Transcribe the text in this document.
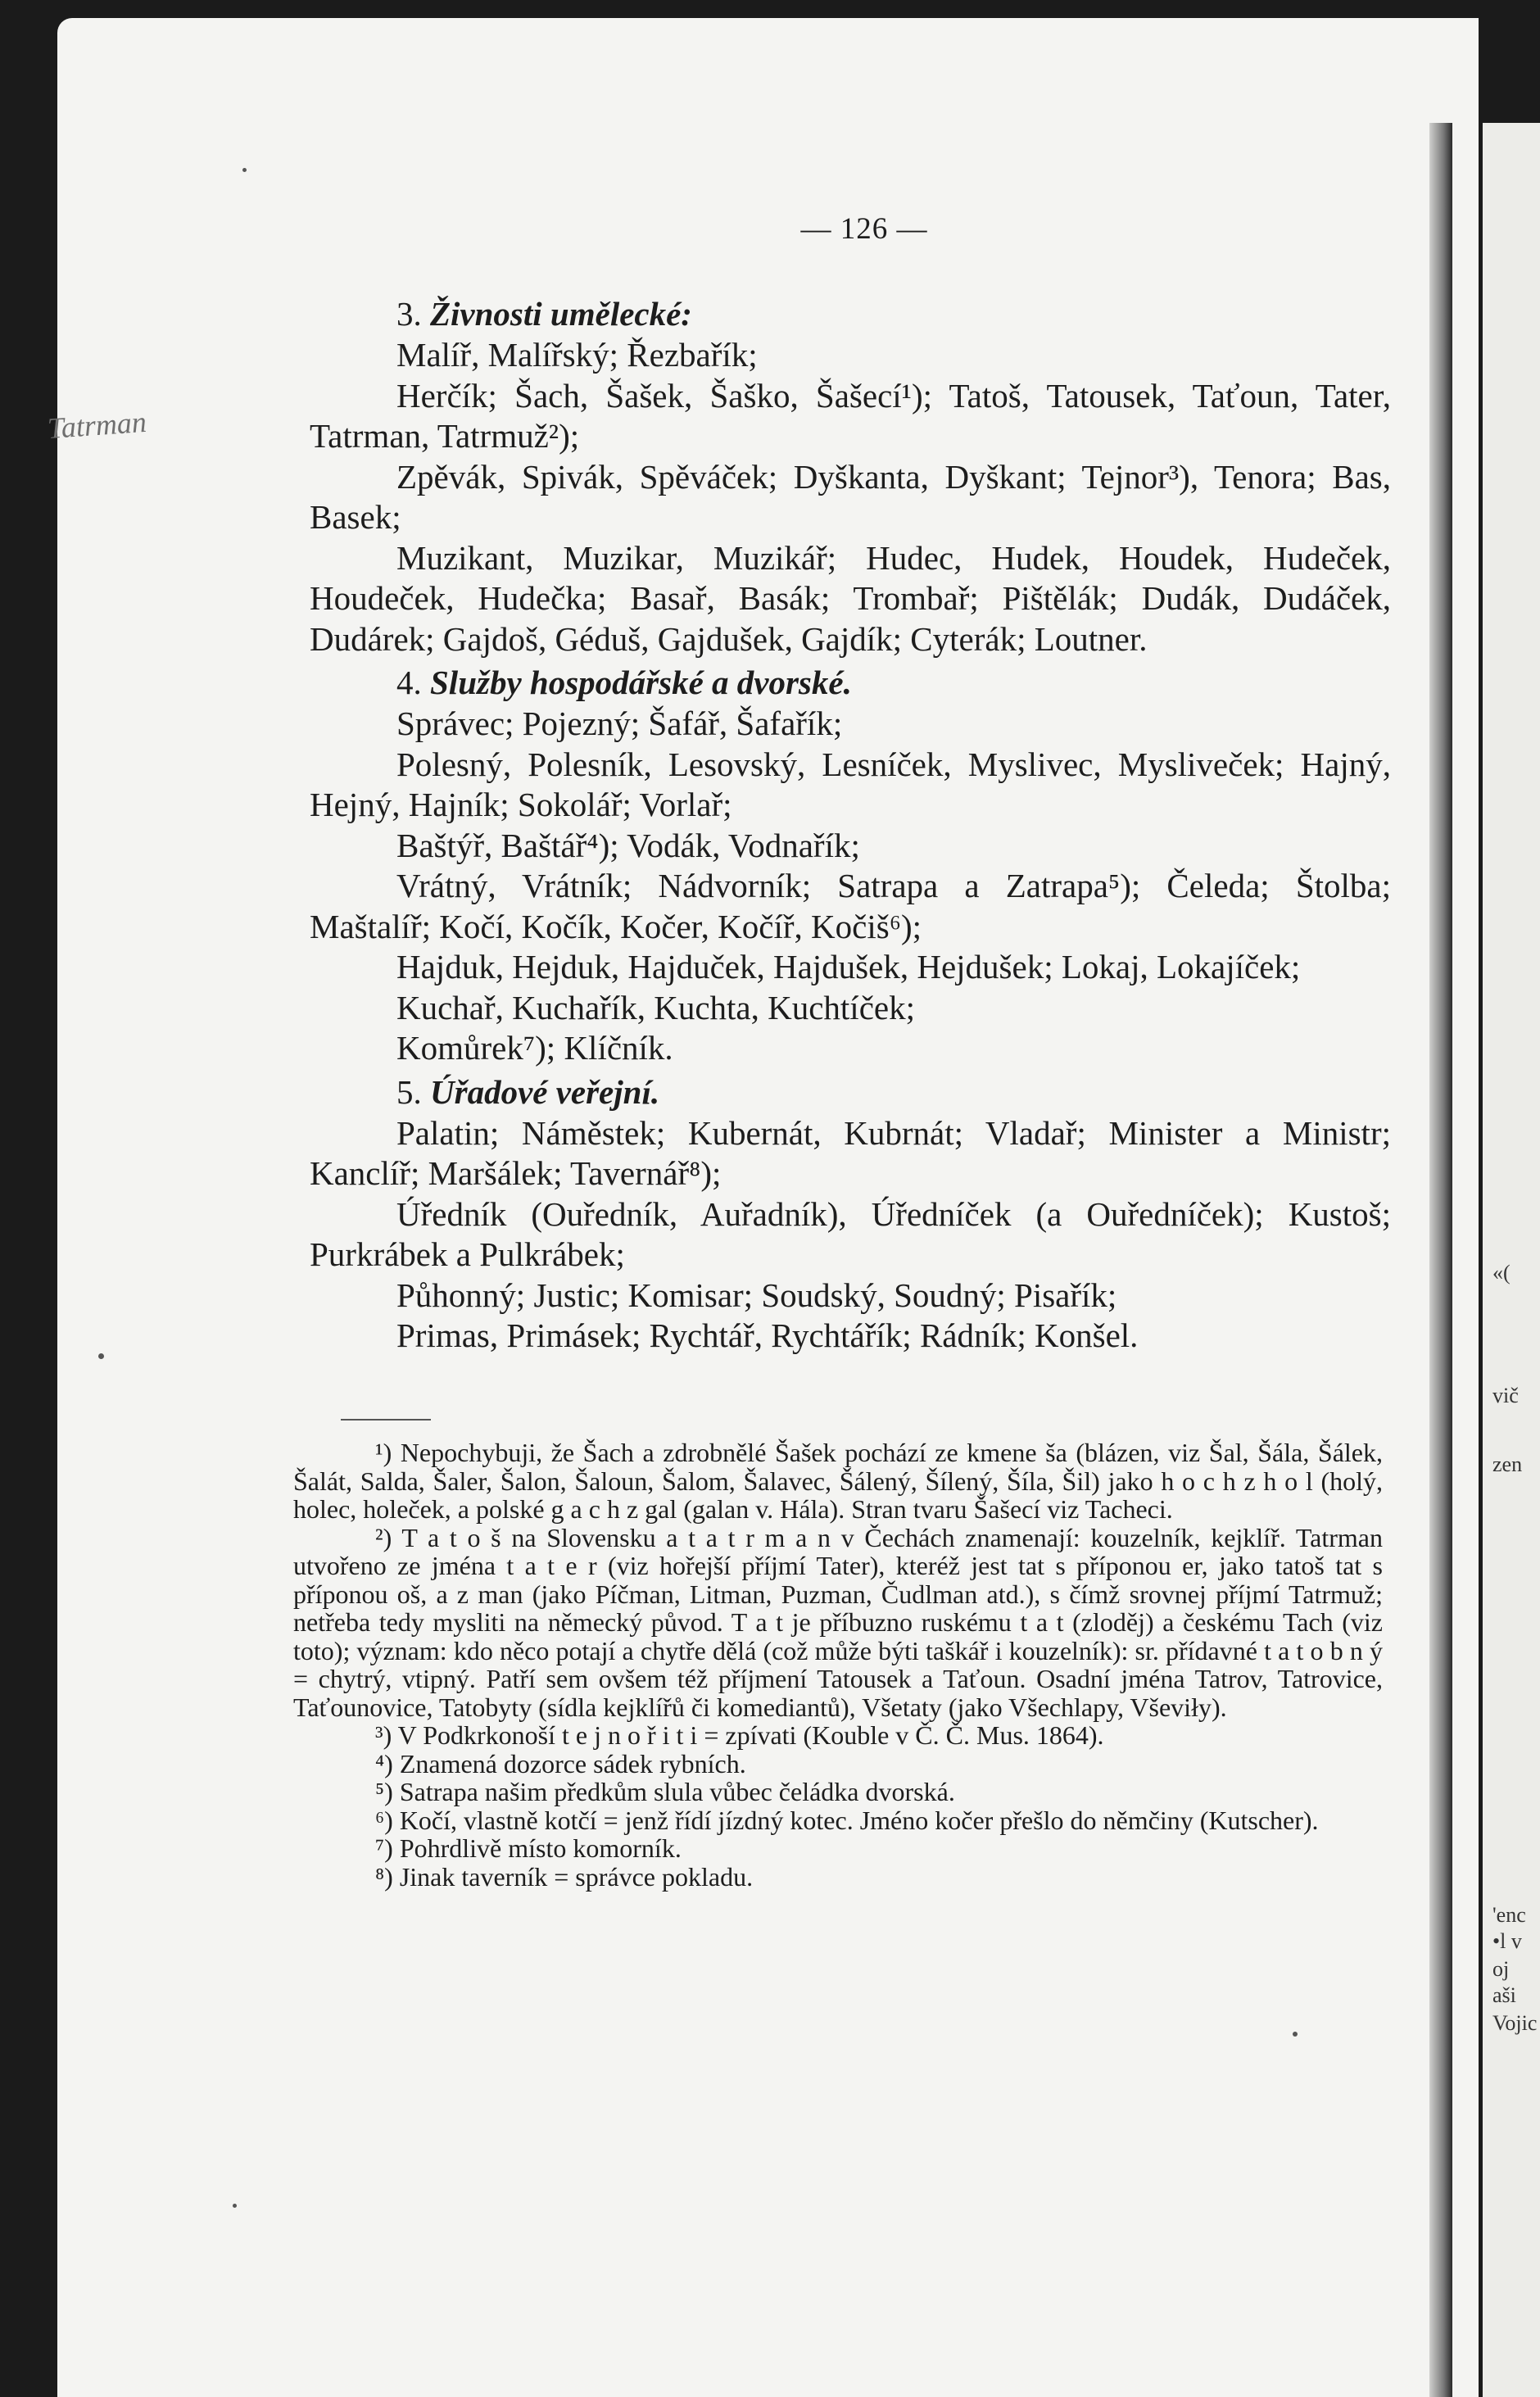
«(
vič
zen
'enc
•l v
oj
aši
Vojic
Tatrman
— 126 —
3. Živnosti umělecké:

Malíř, Malířský; Řezbařík;

Herčík; Šach, Šašek, Šaško, Šašecí¹); Tatoš, Tatousek, Taťoun, Tater, Tatrman, Tatrmuž²);

Zpěvák, Spivák, Spěváček; Dyškanta, Dyškant; Tejnor³), Tenora; Bas, Basek;

Muzikant, Muzikar, Muzikář; Hudec, Hudek, Houdek, Hudeček, Houdeček, Hudečka; Basař, Basák; Trombař; Pištělák; Dudák, Dudáček, Dudárek; Gajdoš, Géduš, Gajdušek, Gajdík; Cyterák; Loutner.

4. Služby hospodářské a dvorské.

Správec; Pojezný; Šafář, Šafařík;

Polesný, Polesník, Lesovský, Lesníček, Myslivec, Mysliveček; Hajný, Hejný, Hajník; Sokolář; Vorlař;

Baštýř, Baštář⁴); Vodák, Vodnařík;

Vrátný, Vrátník; Nádvorník; Satrapa a Zatrapa⁵); Čeleda; Štolba; Maštalíř; Kočí, Kočík, Kočer, Kočíř, Kočiš⁶);

Hajduk, Hejduk, Hajduček, Hajdušek, Hejdušek; Lokaj, Lokajíček;

Kuchař, Kuchařík, Kuchta, Kuchtíček;

Komůrek⁷); Klíčník.

5. Úřadové veřejní.

Palatin; Náměstek; Kubernát, Kubrnát; Vladař; Minister a Ministr; Kanclíř; Maršálek; Tavernář⁸);

Úředník (Ouředník, Auřadník), Úředníček (a Ouředníček); Kustoš; Purkrábek a Pulkrábek;

Půhonný; Justic; Komisar; Soudský, Soudný; Pisařík;

Primas, Primásek; Rychtář, Rychtářík; Rádník; Konšel.

¹) Nepochybuji, že Šach a zdrobnělé Šašek pochází ze kmene ša (blázen, viz Šal, Šála, Šálek, Šalát, Salda, Šaler, Šalon, Šaloun, Šalom, Šalavec, Šálený, Šílený, Šíla, Šil) jako h o c h z h o l (holý, holec, holeček, a polské g a c h z gal (galan v. Hála). Stran tvaru Šašecí viz Tacheci.

²) T a t o š na Slovensku a t a t r m a n v Čechách znamenají: kouzelník, kejklíř. Tatrman utvořeno ze jména t a t e r (viz hořejší příjmí Tater), kteréž jest tat s příponou er, jako tatoš tat s příponou oš, a z man (jako Píčman, Litman, Puzman, Čudlman atd.), s čímž srovnej příjmí Tatrmuž; netřeba tedy mysliti na německý původ. T a t je příbuzno ruskému t a t (zloděj) a českému Tach (viz toto); význam: kdo něco potají a chytře dělá (což může býti taškář i kouzelník): sr. přídavné t a t o b n ý = chytrý, vtipný. Patří sem ovšem též příjmení Tatousek a Taťoun. Osadní jména Tatrov, Tatrovice, Taťounovice, Tatobyty (sídla kejklířů či komediantů), Všetaty (jako Všechlapy, Vševiły).

³) V Podkrkonoší t e j n o ř i t i = zpívati (Kouble v Č. Č. Mus. 1864).

⁴) Znamená dozorce sádek rybních.

⁵) Satrapa našim předkům slula vůbec čeládka dvorská.

⁶) Kočí, vlastně kotčí = jenž řídí jízdný kotec. Jméno kočer přešlo do němčiny (Kutscher).

⁷) Pohrdlivě místo komorník.

⁸) Jinak taverník = správce pokladu.
